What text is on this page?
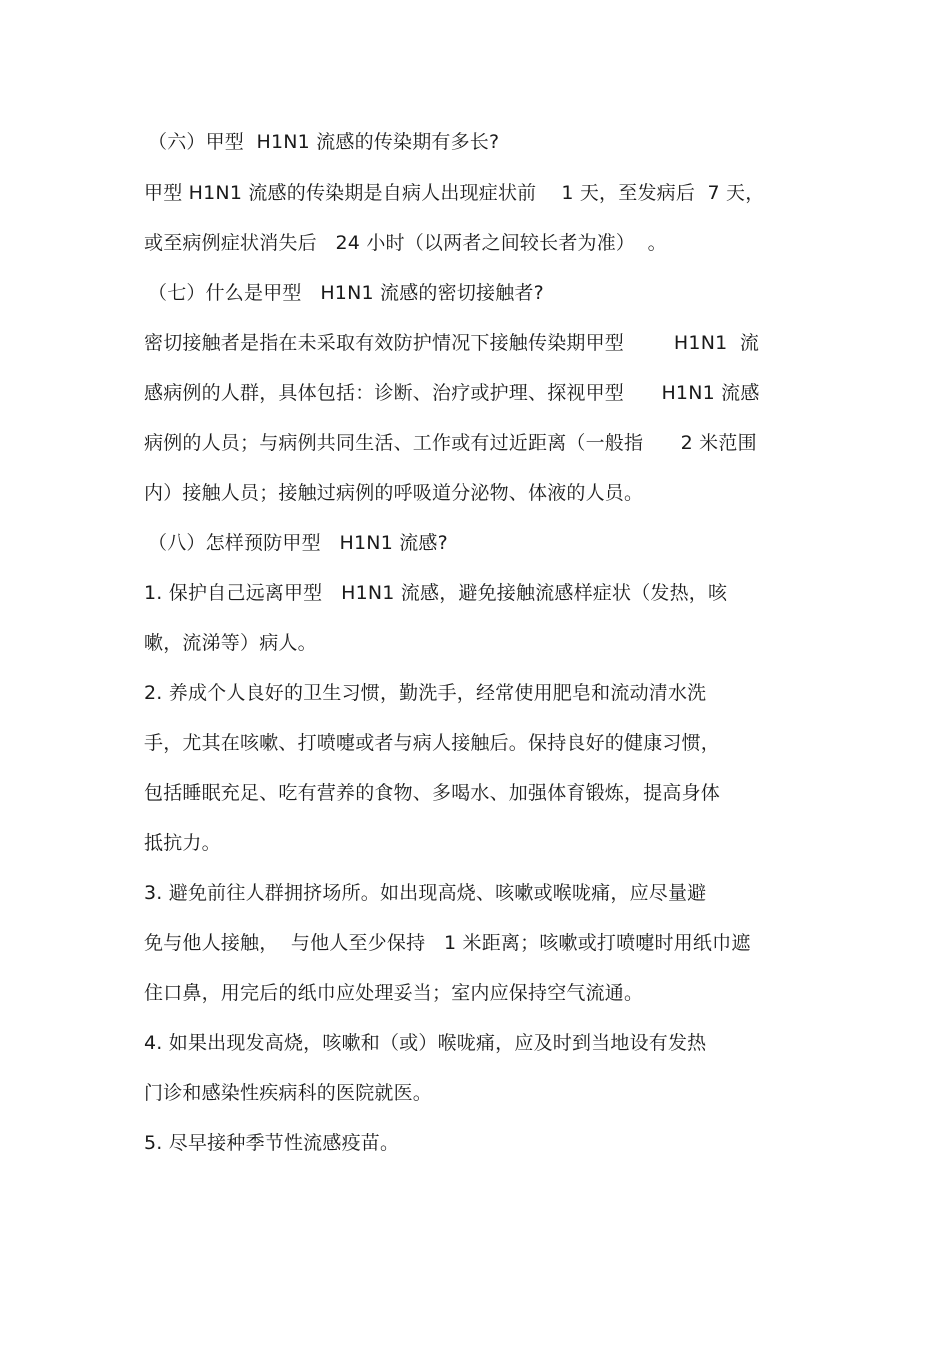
（六）甲型  H1N1 流感的传染期有多长?
甲型 H1N1 流感的传染期是自病人出现症状前    1 天，至发病后  7 天，
或至病例症状消失后   24 小时（以两者之间较长者为准）  。
（七）什么是甲型   H1N1 流感的密切接触者?
密切接触者是指在未采取有效防护情况下接触传染期甲型        H1N1  流
感病例的人群，具体包括：诊断、治疗或护理、探视甲型      H1N1 流感
病例的人员；与病例共同生活、工作或有过近距离（一般指      2 米范围
内）接触人员；接触过病例的呼吸道分泌物、体液的人员。
（八）怎样预防甲型   H1N1 流感?
1. 保护自己远离甲型   H1N1 流感，避免接触流感样症状（发热，咳
嗽，流涕等）病人。
2. 养成个人良好的卫生习惯，勤洗手，经常使用肥皂和流动清水洗
手，尤其在咳嗽、打喷嚏或者与病人接触后。保持良好的健康习惯，
包括睡眠充足、吃有营养的食物、多喝水、加强体育锻炼，提高身体
抵抗力。
3. 避免前往人群拥挤场所。如出现高烧、咳嗽或喉咙痛，应尽量避
免与他人接触，  与他人至少保持   1 米距离；咳嗽或打喷嚏时用纸巾遮
住口鼻，用完后的纸巾应处理妥当；室内应保持空气流通。
4. 如果出现发高烧，咳嗽和（或）喉咙痛，应及时到当地设有发热
门诊和感染性疾病科的医院就医。
5. 尽早接种季节性流感疫苗。
